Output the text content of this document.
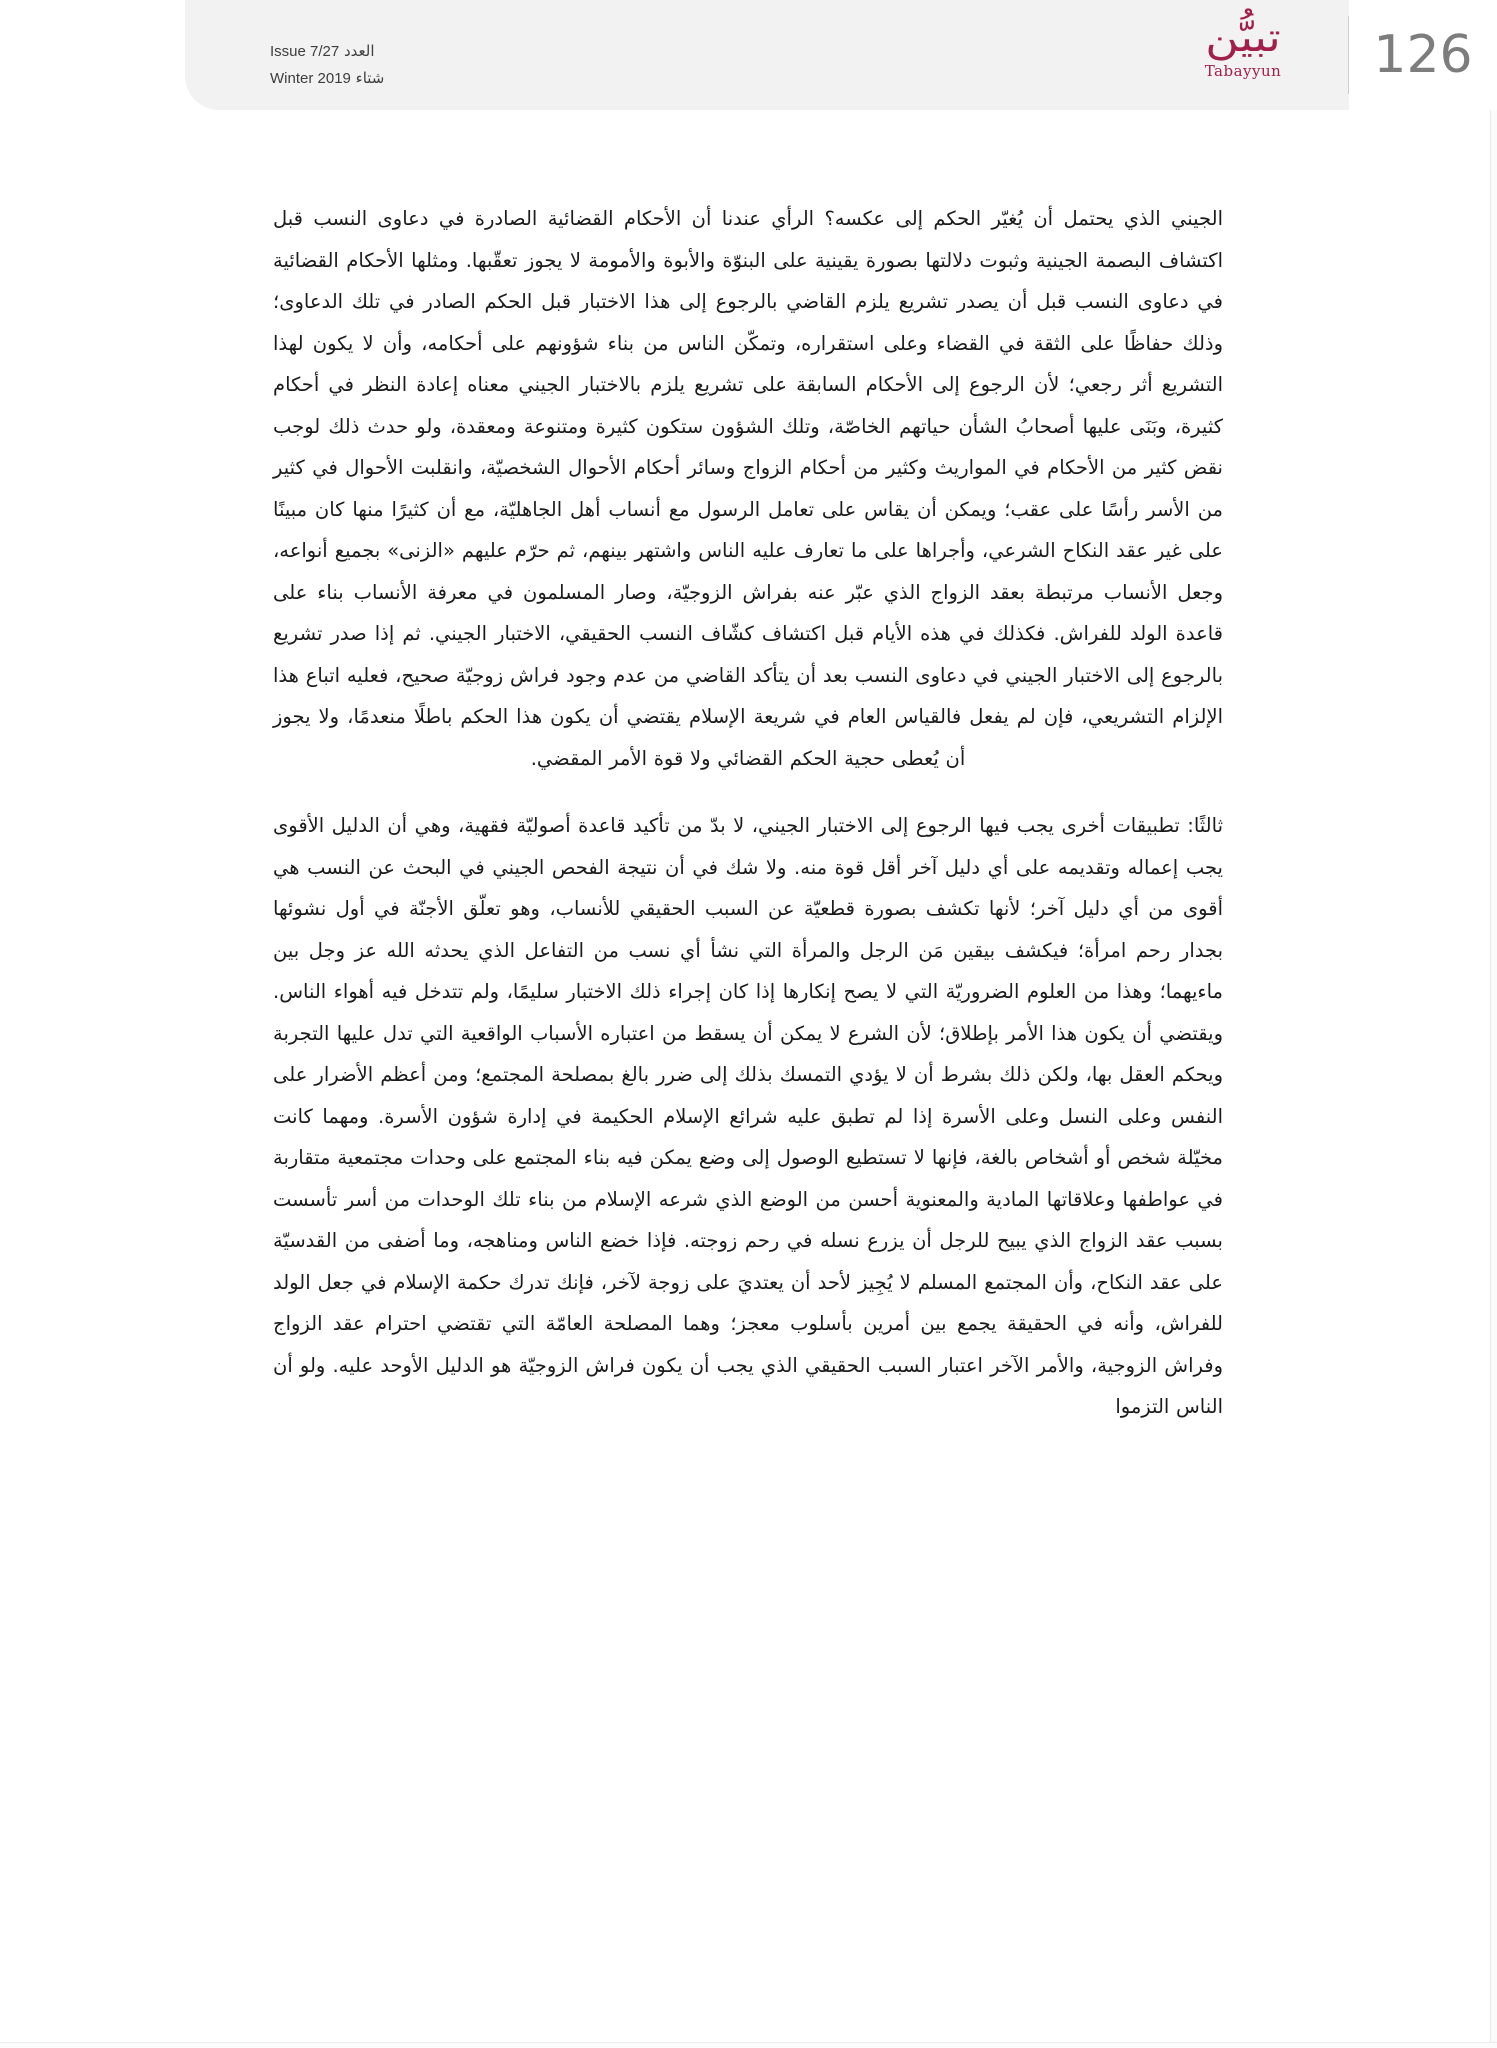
Issue 7/27 العدد
Winter 2019 شتاء
تبيُّن
Tabayyun	126

الجيني الذي يحتمل أن يُغيّر الحكم إلى عكسه؟ الرأي عندنا أن الأحكام القضائية الصادرة في دعاوى النسب قبل اكتشاف البصمة الجينية وثبوت دلالتها بصورة يقينية على البنوّة والأبوة والأمومة لا يجوز تعقّبها. ومثلها الأحكام القضائية في دعاوى النسب قبل أن يصدر تشريع يلزم القاضي بالرجوع إلى هذا الاختبار قبل الحكم الصادر في تلك الدعاوى؛ وذلك حفاظًا على الثقة في القضاء وعلى استقراره، وتمكّن الناس من بناء شؤونهم على أحكامه، وأن لا يكون لهذا التشريع أثر رجعي؛ لأن الرجوع إلى الأحكام السابقة على تشريع يلزم بالاختبار الجيني معناه إعادة النظر في أحكام كثيرة، وبَنَى عليها أصحابُ الشأن حياتهم الخاصّة، وتلك الشؤون ستكون كثيرة ومتنوعة ومعقدة، ولو حدث ذلك لوجب نقض كثير من الأحكام في المواريث وكثير من أحكام الزواج وسائر أحكام الأحوال الشخصيّة، وانقلبت الأحوال في كثير من الأسر رأسًا على عقب؛ ويمكن أن يقاس على تعامل الرسول مع أنساب أهل الجاهليّة، مع أن كثيرًا منها كان مبينًا على غير عقد النكاح الشرعي، وأجراها على ما تعارف عليه الناس واشتهر بينهم، ثم حرّم عليهم «الزنى» بجميع أنواعه، وجعل الأنساب مرتبطة بعقد الزواج الذي عبّر عنه بفراش الزوجيّة، وصار المسلمون في معرفة الأنساب بناء على قاعدة الولد للفراش. فكذلك في هذه الأيام قبل اكتشاف كشّاف النسب الحقيقي، الاختبار الجيني. ثم إذا صدر تشريع بالرجوع إلى الاختبار الجيني في دعاوى النسب بعد أن يتأكد القاضي من عدم وجود فراش زوجيّة صحيح، فعليه اتباع هذا الإلزام التشريعي، فإن لم يفعل فالقياس العام في شريعة الإسلام يقتضي أن يكون هذا الحكم باطلًا منعدمًا، ولا يجوز أن يُعطى حجية الحكم القضائي ولا قوة الأمر المقضي.

ثالثًا: تطبيقات أخرى يجب فيها الرجوع إلى الاختبار الجيني، لا بدّ من تأكيد قاعدة أصوليّة فقهية، وهي أن الدليل الأقوى يجب إعماله وتقديمه على أي دليل آخر أقل قوة منه. ولا شك في أن نتيجة الفحص الجيني في البحث عن النسب هي أقوى من أي دليل آخر؛ لأنها تكشف بصورة قطعيّة عن السبب الحقيقي للأنساب، وهو تعلّق الأجنّة في أول نشوئها بجدار رحم امرأة؛ فيكشف بيقين مَن الرجل والمرأة التي نشأ أي نسب من التفاعل الذي يحدثه الله عز وجل بين ماءيهما؛ وهذا من العلوم الضروريّة التي لا يصح إنكارها إذا كان إجراء ذلك الاختبار سليمًا، ولم تتدخل فيه أهواء الناس. ويقتضي أن يكون هذا الأمر بإطلاق؛ لأن الشرع لا يمكن أن يسقط من اعتباره الأسباب الواقعية التي تدل عليها التجربة ويحكم العقل بها، ولكن ذلك بشرط أن لا يؤدي التمسك بذلك إلى ضرر بالغ بمصلحة المجتمع؛ ومن أعظم الأضرار على النفس وعلى النسل وعلى الأسرة إذا لم تطبق عليه شرائع الإسلام الحكيمة في إدارة شؤون الأسرة. ومهما كانت مخيّلة شخص أو أشخاص بالغة، فإنها لا تستطيع الوصول إلى وضع يمكن فيه بناء المجتمع على وحدات مجتمعية متقاربة في عواطفها وعلاقاتها المادية والمعنوية أحسن من الوضع الذي شرعه الإسلام من بناء تلك الوحدات من أسر تأسست بسبب عقد الزواج الذي يبيح للرجل أن يزرع نسله في رحم زوجته. فإذا خضع الناس ومناهجه، وما أضفى من القدسيّة على عقد النكاح، وأن المجتمع المسلم لا يُجِيز لأحد أن يعتديَ على زوجة لآخر، فإنك تدرك حكمة الإسلام في جعل الولد للفراش، وأنه في الحقيقة يجمع بين أمرين بأسلوب معجز؛ وهما المصلحة العامّة التي تقتضي احترام عقد الزواج وفراش الزوجية، والأمر الآخر اعتبار السبب الحقيقي الذي يجب أن يكون فراش الزوجيّة هو الدليل الأوحد عليه. ولو أن الناس التزموا
